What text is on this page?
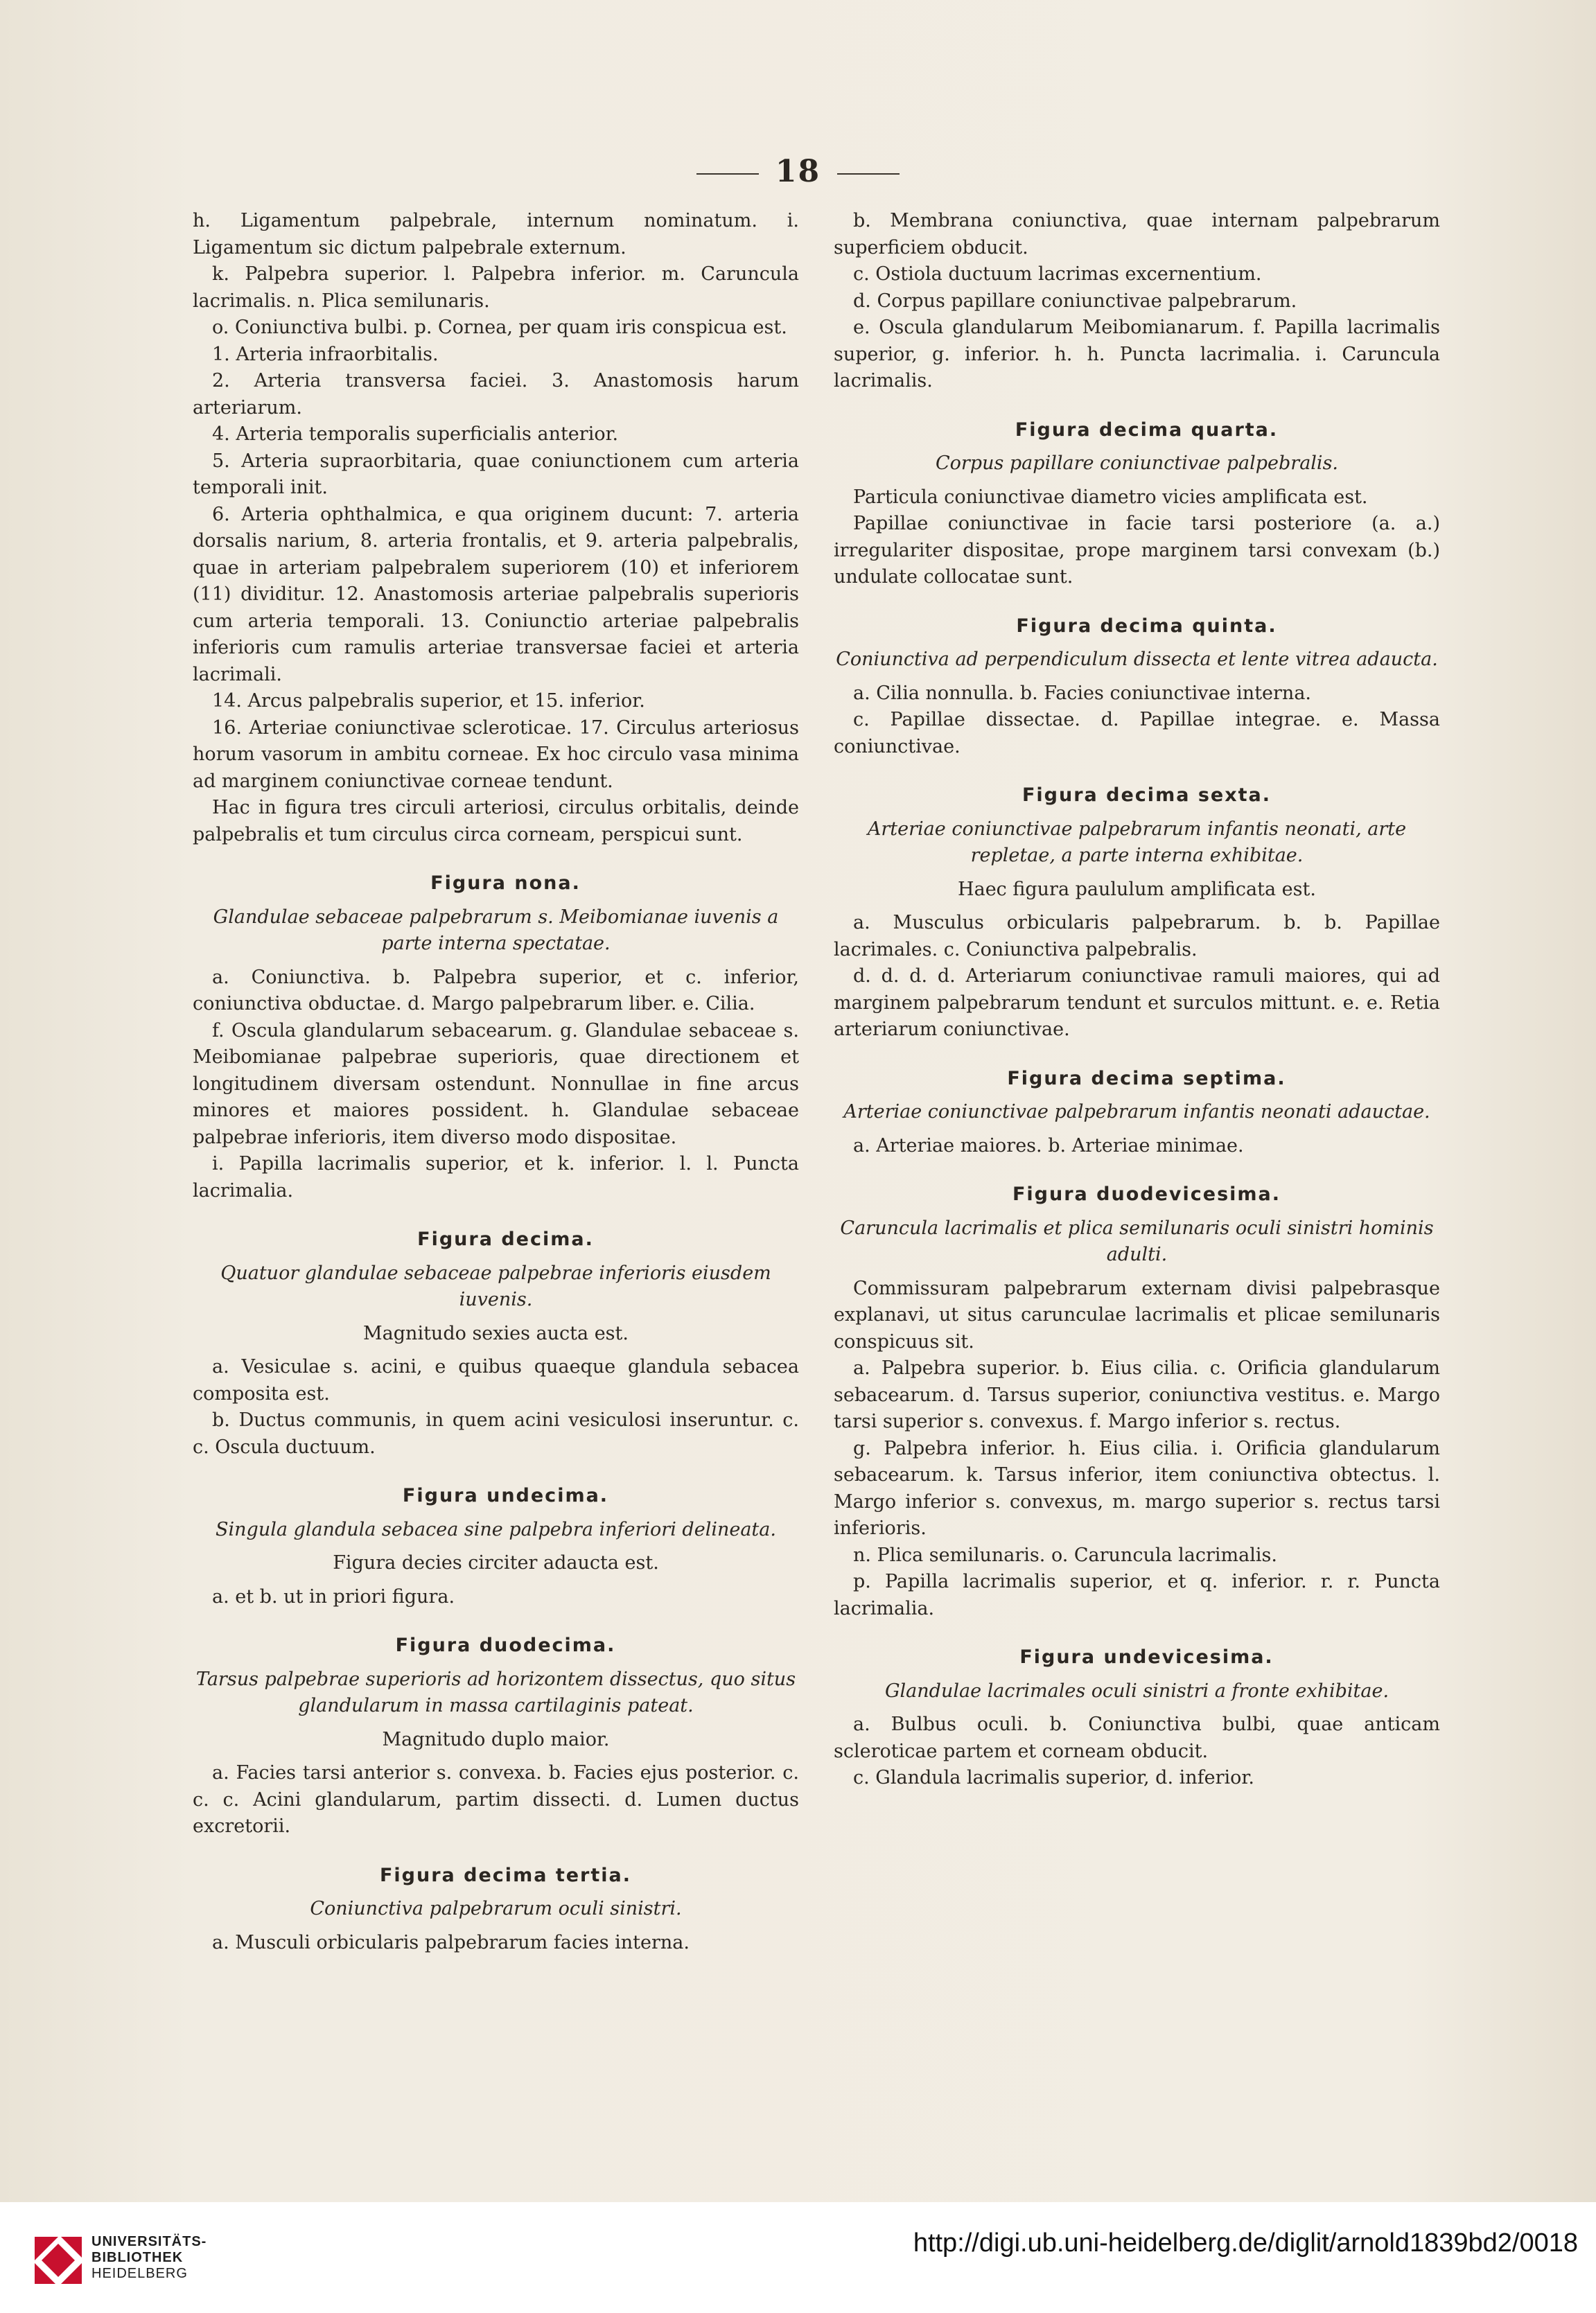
18

h. Ligamentum palpebrale, internum nominatum. i. Ligamentum sic dictum palpebrale externum.

k. Palpebra superior. l. Palpebra inferior. m. Caruncula lacrimalis. n. Plica semilunaris.

o. Coniunctiva bulbi. p. Cornea, per quam iris conspicua est.

1. Arteria infraorbitalis.

2. Arteria transversa faciei. 3. Anastomosis harum arteriarum.

4. Arteria temporalis superficialis anterior.

5. Arteria supraorbitaria, quae coniunctionem cum arteria temporali init.

6. Arteria ophthalmica, e qua originem ducunt: 7. arteria dorsalis narium, 8. arteria frontalis, et 9. arteria palpebralis, quae in arteriam palpebralem superiorem (10) et inferiorem (11) dividitur. 12. Anastomosis arteriae palpebralis superioris cum arteria temporali. 13. Coniunctio arteriae palpebralis inferioris cum ramulis arteriae transversae faciei et arteria lacrimali.

14. Arcus palpebralis superior, et 15. inferior.

16. Arteriae coniunctivae scleroticae. 17. Circulus arteriosus horum vasorum in ambitu corneae. Ex hoc circulo vasa minima ad marginem coniunctivae corneae tendunt.

Hac in figura tres circuli arteriosi, circulus orbitalis, deinde palpebralis et tum circulus circa corneam, perspicui sunt.

Figura nona.

Glandulae sebaceae palpebrarum s. Meibomianae iuvenis a parte interna spectatae.

a. Coniunctiva. b. Palpebra superior, et c. inferior, coniunctiva obductae. d. Margo palpebrarum liber. e. Cilia.

f. Oscula glandularum sebacearum. g. Glandulae sebaceae s. Meibomianae palpebrae superioris, quae directionem et longitudinem diversam ostendunt. Nonnullae in fine arcus minores et maiores possident. h. Glandulae sebaceae palpebrae inferioris, item diverso modo dispositae.

i. Papilla lacrimalis superior, et k. inferior. l. l. Puncta lacrimalia.

Figura decima.

Quatuor glandulae sebaceae palpebrae inferioris eiusdem iuvenis.

Magnitudo sexies aucta est.

a. Vesiculae s. acini, e quibus quaeque glandula sebacea composita est.

b. Ductus communis, in quem acini vesiculosi inseruntur. c. c. Oscula ductuum.

Figura undecima.

Singula glandula sebacea sine palpebra inferiori delineata.

Figura decies circiter adaucta est.

a. et b. ut in priori figura.

Figura duodecima.

Tarsus palpebrae superioris ad horizontem dissectus, quo situs glandularum in massa cartilaginis pateat.

Magnitudo duplo maior.

a. Facies tarsi anterior s. convexa. b. Facies ejus posterior. c. c. c. Acini glandularum, partim dissecti. d. Lumen ductus excretorii.

Figura decima tertia.

Coniunctiva palpebrarum oculi sinistri.

a. Musculi orbicularis palpebrarum facies interna.

b. Membrana coniunctiva, quae internam palpebrarum superficiem obducit.

c. Ostiola ductuum lacrimas excernentium.

d. Corpus papillare coniunctivae palpebrarum.

e. Oscula glandularum Meibomianarum. f. Papilla lacrimalis superior, g. inferior. h. h. Puncta lacrimalia. i. Caruncula lacrimalis.

Figura decima quarta.

Corpus papillare coniunctivae palpebralis.

Particula coniunctivae diametro vicies amplificata est.

Papillae coniunctivae in facie tarsi posteriore (a. a.) irregulariter dispositae, prope marginem tarsi convexam (b.) undulate collocatae sunt.

Figura decima quinta.

Coniunctiva ad perpendiculum dissecta et lente vitrea adaucta.

a. Cilia nonnulla. b. Facies coniunctivae interna.

c. Papillae dissectae. d. Papillae integrae. e. Massa coniunctivae.

Figura decima sexta.

Arteriae coniunctivae palpebrarum infantis neonati, arte repletae, a parte interna exhibitae.

Haec figura paululum amplificata est.

a. Musculus orbicularis palpebrarum. b. b. Papillae lacrimales. c. Coniunctiva palpebralis.

d. d. d. d. Arteriarum coniunctivae ramuli maiores, qui ad marginem palpebrarum tendunt et surculos mittunt. e. e. Retia arteriarum coniunctivae.

Figura decima septima.

Arteriae coniunctivae palpebrarum infantis neonati adauctae.

a. Arteriae maiores. b. Arteriae minimae.

Figura duodevicesima.

Caruncula lacrimalis et plica semilunaris oculi sinistri hominis adulti.

Commissuram palpebrarum externam divisi palpebrasque explanavi, ut situs carunculae lacrimalis et plicae semilunaris conspicuus sit.

a. Palpebra superior. b. Eius cilia. c. Orificia glandularum sebacearum. d. Tarsus superior, coniunctiva vestitus. e. Margo tarsi superior s. convexus. f. Margo inferior s. rectus.

g. Palpebra inferior. h. Eius cilia. i. Orificia glandularum sebacearum. k. Tarsus inferior, item coniunctiva obtectus. l. Margo inferior s. convexus, m. margo superior s. rectus tarsi inferioris.

n. Plica semilunaris. o. Caruncula lacrimalis.

p. Papilla lacrimalis superior, et q. inferior. r. r. Puncta lacrimalia.

Figura undevicesima.

Glandulae lacrimales oculi sinistri a fronte exhibitae.

a. Bulbus oculi. b. Coniunctiva bulbi, quae anticam scleroticae partem et corneam obducit.

c. Glandula lacrimalis superior, d. inferior.

UNIVERSITÄTS-
BIBLIOTHEK
HEIDELBERG
http://digi.ub.uni-heidelberg.de/diglit/arnold1839bd2/0018
